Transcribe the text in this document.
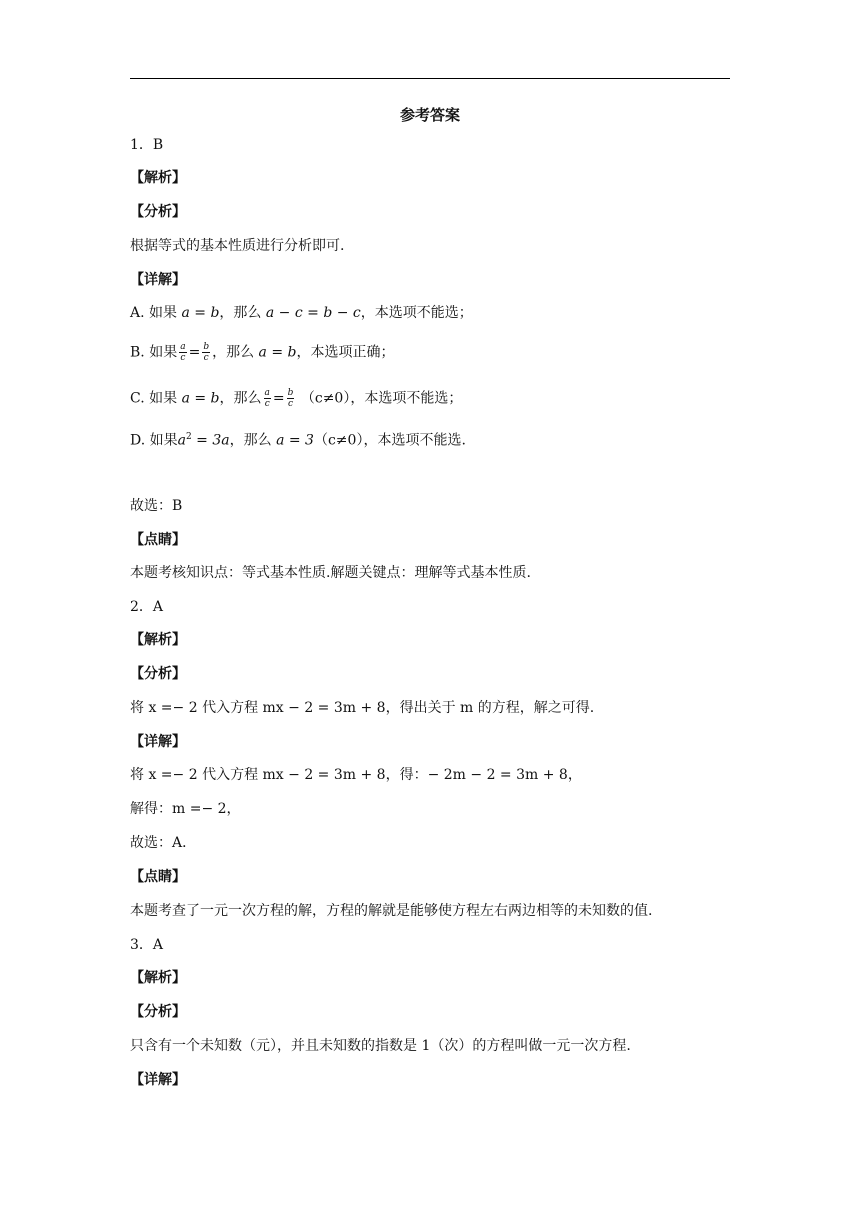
参考答案
1．B
【解析】
【分析】
根据等式的基本性质进行分析即可.
【详解】
A. 如果 a = b，那么 a − c = b − c，本选项不能选；
B. 如果 $\frac{a}{c} = \frac{b}{c}$ ，那么 a = b，本选项正确；
C. 如果 a = b，那么 $\frac{a}{c} = \frac{b}{c} (c\ne 0)$，本选项不能选；
D. 如果$a^2 = 3a$，那么 a = 3（c≠0），本选项不能选.
故选：B
【点睛】
本题考核知识点：等式基本性质.解题关键点：理解等式基本性质.
2．A
【解析】
【分析】
将 x =− 2 代入方程 mx − 2 = 3m + 8，得出关于 m 的方程，解之可得.
【详解】
将 x =− 2 代入方程 mx − 2 = 3m + 8，得：− 2m − 2 = 3m + 8，
解得：m =− 2，
故选：A．
【点睛】
本题考查了一元一次方程的解，方程的解就是能够使方程左右两边相等的未知数的值.
3．A
【解析】
【分析】
只含有一个未知数（元），并且未知数的指数是 1（次）的方程叫做一元一次方程.
【详解】
